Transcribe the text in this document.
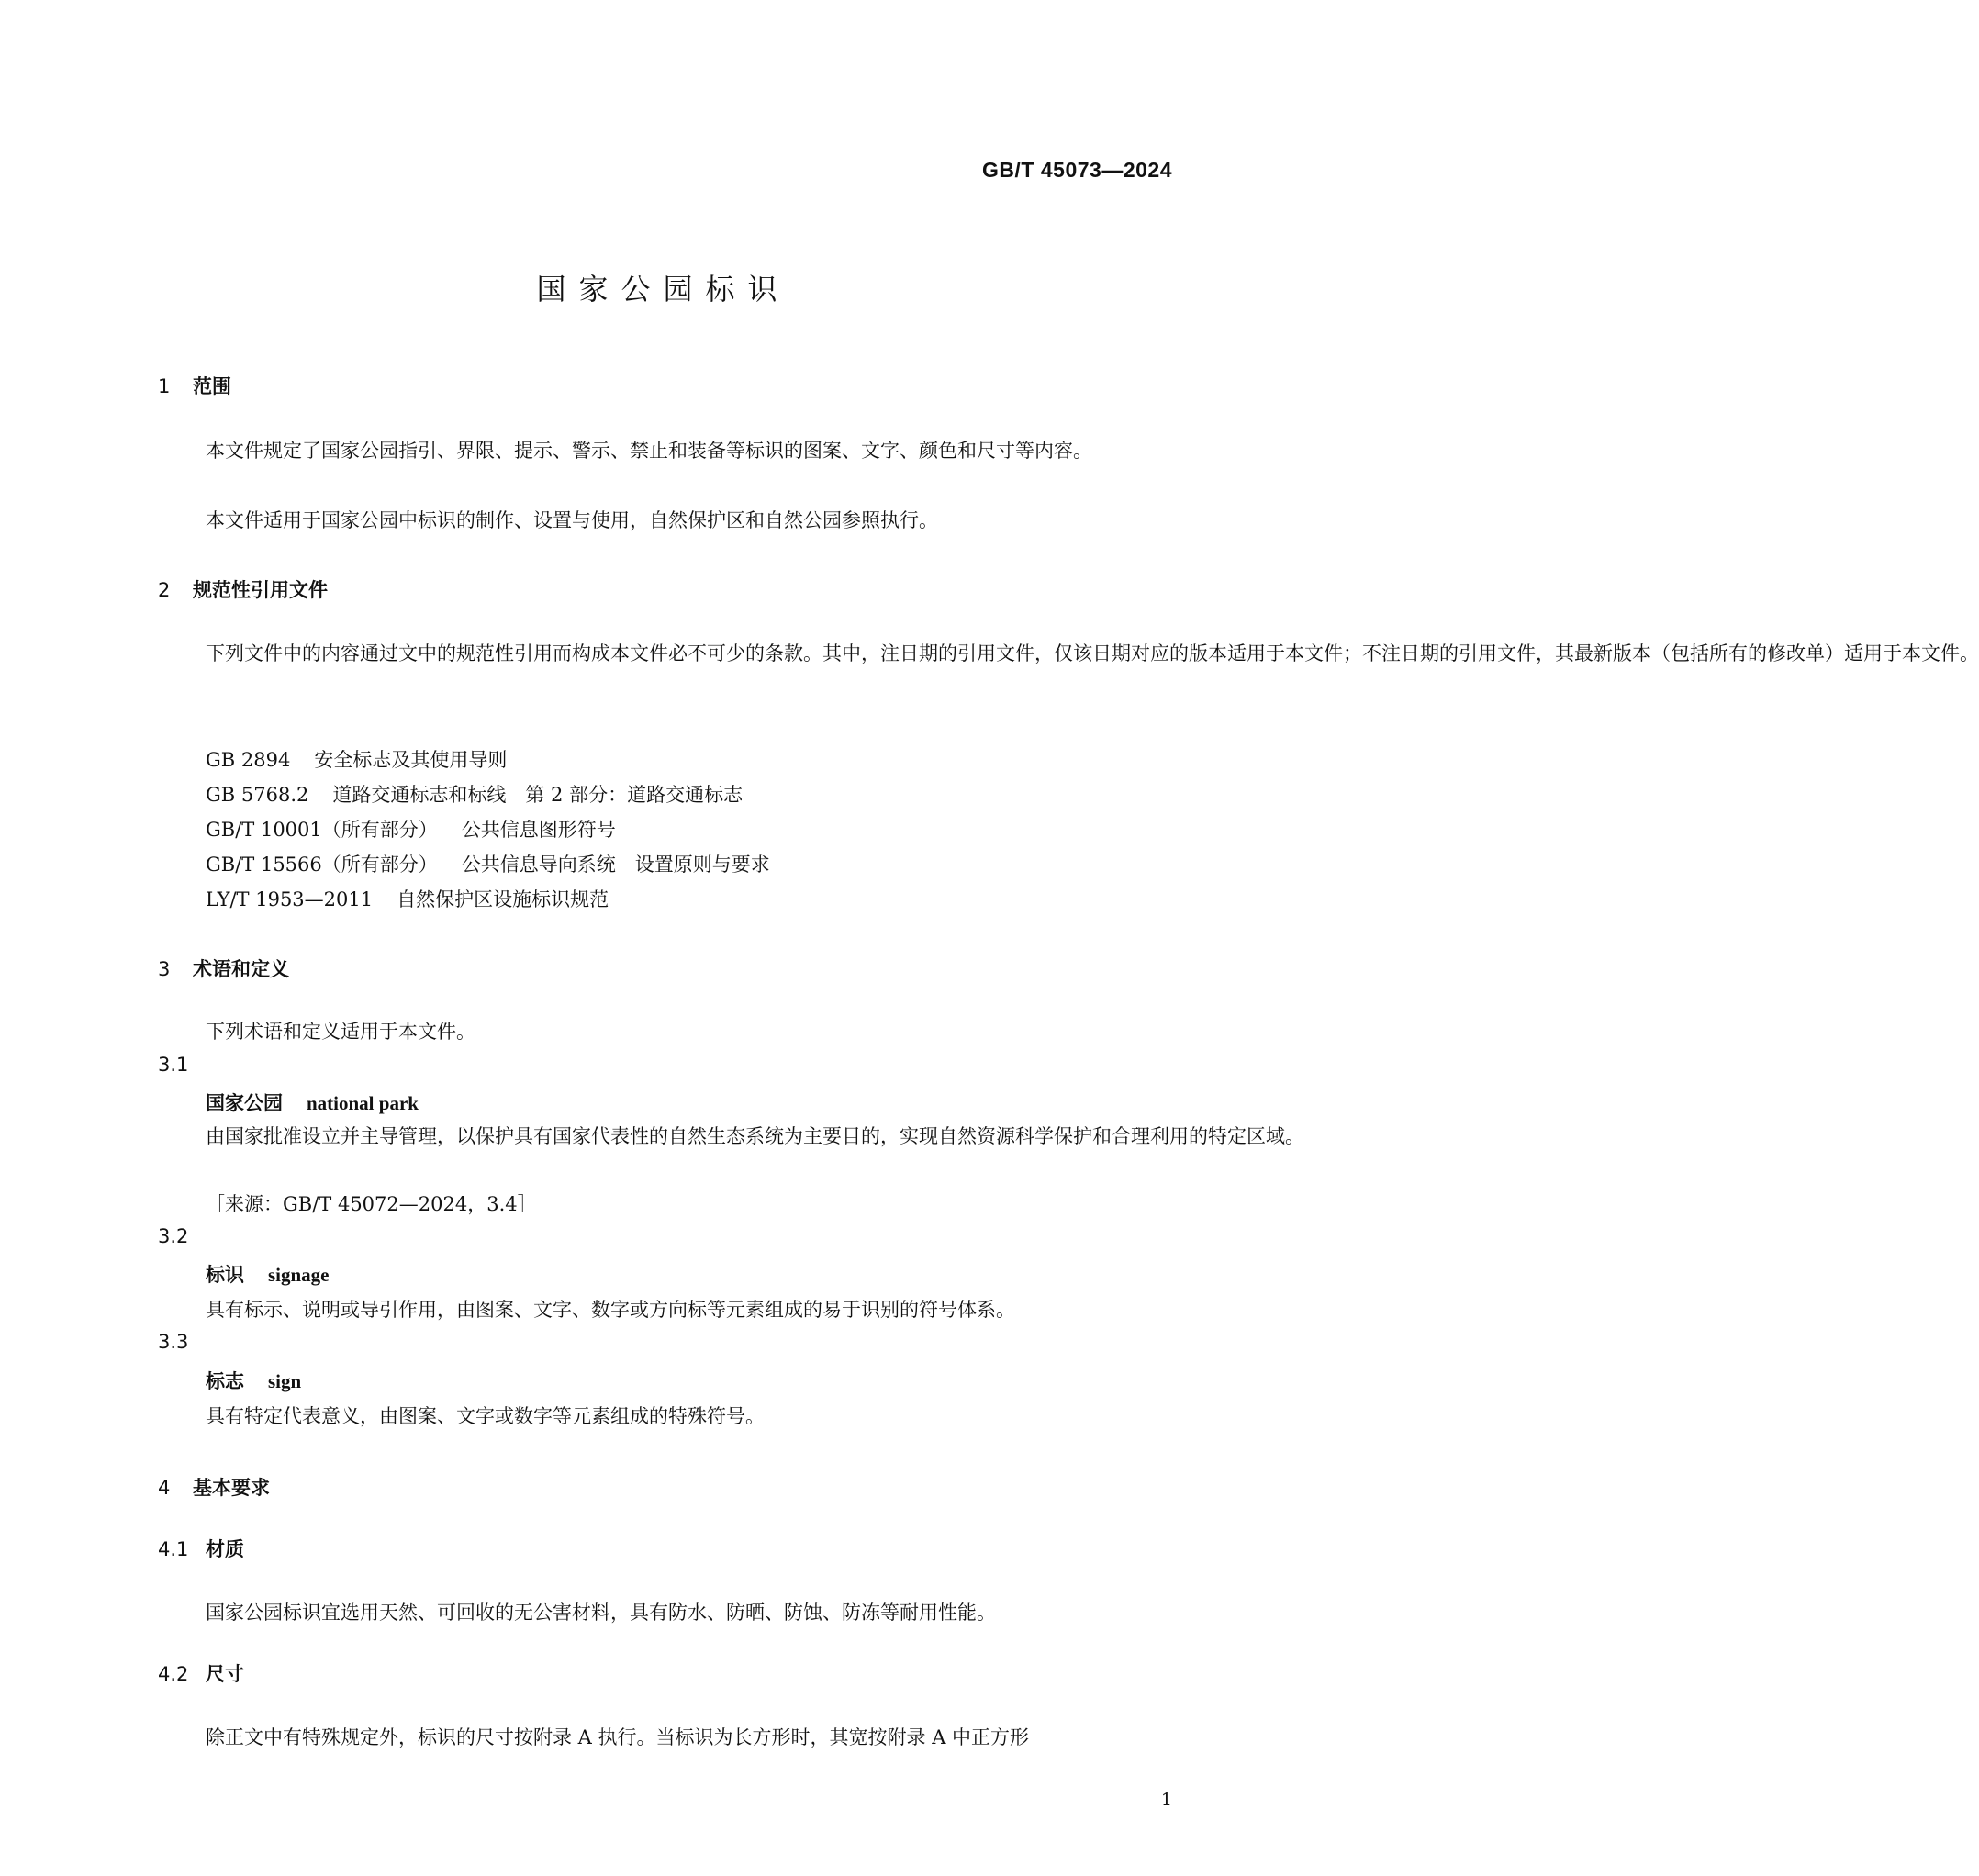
GB/T 45073—2024
国家公园标识
1 范围
本文件规定了国家公园指引、界限、提示、警示、禁止和装备等标识的图案、文字、颜色和尺寸等内容。
本文件适用于国家公园中标识的制作、设置与使用，自然保护区和自然公园参照执行。
2 规范性引用文件
下列文件中的内容通过文中的规范性引用而构成本文件必不可少的条款。其中，注日期的引用文件，仅该日期对应的版本适用于本文件；不注日期的引用文件，其最新版本（包括所有的修改单）适用于本文件。
GB 2894 安全标志及其使用导则
GB 5768.2 道路交通标志和标线　第 2 部分：道路交通标志
GB/T 10001（所有部分） 公共信息图形符号
GB/T 15566（所有部分） 公共信息导向系统　设置原则与要求
LY/T 1953—2011 自然保护区设施标识规范
3 术语和定义
下列术语和定义适用于本文件。
3.1
国家公园 national park
由国家批准设立并主导管理，以保护具有国家代表性的自然生态系统为主要目的，实现自然资源科学保护和合理利用的特定区域。
［来源：GB/T 45072—2024，3.4］
3.2
标识 signage
具有标示、说明或导引作用，由图案、文字、数字或方向标等元素组成的易于识别的符号体系。
3.3
标志 sign
具有特定代表意义，由图案、文字或数字等元素组成的特殊符号。
4 基本要求
4.1 材质
国家公园标识宜选用天然、可回收的无公害材料，具有防水、防晒、防蚀、防冻等耐用性能。
4.2 尺寸
除正文中有特殊规定外，标识的尺寸按附录 A 执行。当标识为长方形时，其宽按附录 A 中正方形
1
